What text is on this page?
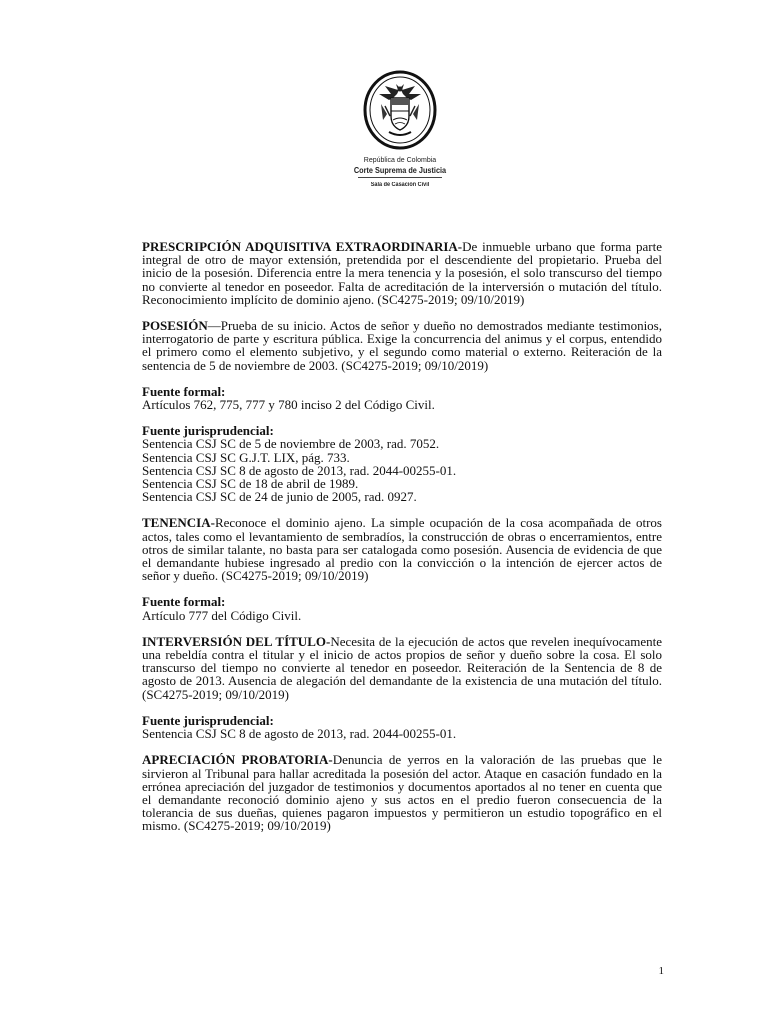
República de Colombia
Corte Suprema de Justicia
Sala de Casación Civil

PRESCRIPCIÓN ADQUISITIVA EXTRAORDINARIA-De inmueble urbano que forma parte integral de otro de mayor extensión, pretendida por el descendiente del propietario. Prueba del inicio de la posesión. Diferencia entre la mera tenencia y la posesión, el solo transcurso del tiempo no convierte al tenedor en poseedor. Falta de acreditación de la interversión o mutación del título. Reconocimiento implícito de dominio ajeno. (SC4275-2019; 09/10/2019)

POSESIÓN—Prueba de su inicio. Actos de señor y dueño no demostrados mediante testimonios, interrogatorio de parte y escritura pública. Exige la concurrencia del animus y el corpus, entendido el primero como el elemento subjetivo, y el segundo como material o externo. Reiteración de la sentencia de 5 de noviembre de 2003. (SC4275-2019; 09/10/2019)

Fuente formal:
Artículos 762, 775, 777 y 780 inciso 2 del Código Civil.
Fuente jurisprudencial:
Sentencia CSJ SC de 5 de noviembre de 2003, rad. 7052.
Sentencia CSJ SC G.J.T. LIX, pág. 733.
Sentencia CSJ SC 8 de agosto de 2013, rad. 2044-00255-01.
Sentencia CSJ SC de 18 de abril de 1989.
Sentencia CSJ SC de 24 de junio de 2005, rad. 0927.

TENENCIA-Reconoce el dominio ajeno. La simple ocupación de la cosa acompañada de otros actos, tales como el levantamiento de sembradíos, la construcción de obras o encerramientos, entre otros de similar talante, no basta para ser catalogada como posesión. Ausencia de evidencia de que el demandante hubiese ingresado al predio con la convicción o la intención de ejercer actos de señor y dueño. (SC4275-2019; 09/10/2019)

Fuente formal:
Artículo 777 del Código Civil.

INTERVERSIÓN DEL TÍTULO-Necesita de la ejecución de actos que revelen inequívocamente una rebeldía contra el titular y el inicio de actos propios de señor y dueño sobre la cosa. El solo transcurso del tiempo no convierte al tenedor en poseedor. Reiteración de la Sentencia de 8 de agosto de 2013. Ausencia de alegación del demandante de la existencia de una mutación del título. (SC4275-2019; 09/10/2019)

Fuente jurisprudencial:
Sentencia CSJ SC 8 de agosto de 2013, rad. 2044-00255-01.

APRECIACIÓN PROBATORIA-Denuncia de yerros en la valoración de las pruebas que le sirvieron al Tribunal para hallar acreditada la posesión del actor. Ataque en casación fundado en la errónea apreciación del juzgador de testimonios y documentos aportados al no tener en cuenta que el demandante reconoció dominio ajeno y sus actos en el predio fueron consecuencia de la tolerancia de sus dueñas, quienes pagaron impuestos y permitieron un estudio topográfico en el mismo. (SC4275-2019; 09/10/2019)

1
